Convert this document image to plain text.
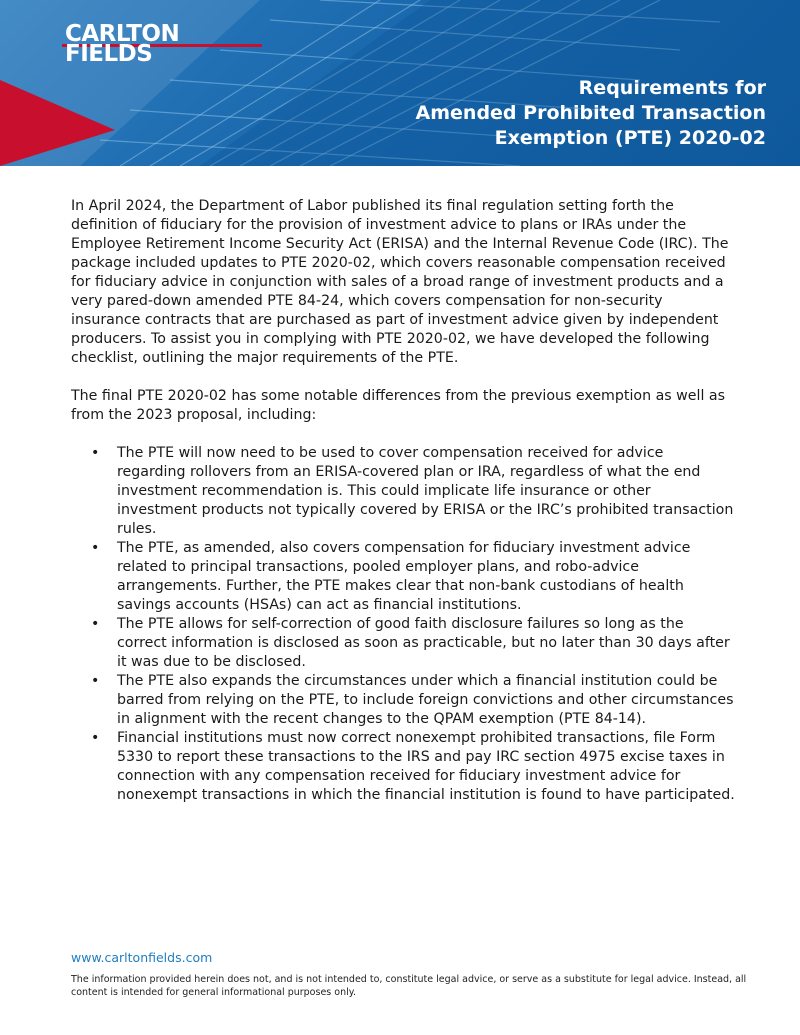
CARLTON
FIELDS
Requirements for
Amended Prohibited Transaction
Exemption (PTE) 2020-02

In April 2024, the Department of Labor published its final regulation setting forth the definition of fiduciary for the provision of investment advice to plans or IRAs under the Employee Retirement Income Security Act (ERISA) and the Internal Revenue Code (IRC). The package included updates to PTE 2020-02, which covers reasonable compensation received for fiduciary advice in conjunction with sales of a broad range of investment products and a very pared-down amended PTE 84-24, which covers compensation for non-security insurance contracts that are purchased as part of investment advice given by independent producers. To assist you in complying with PTE 2020-02, we have developed the following checklist, outlining the major requirements of the PTE.

The final PTE 2020-02 has some notable differences from the previous exemption as well as from the 2023 proposal, including:

• The PTE will now need to be used to cover compensation received for advice regarding rollovers from an ERISA-covered plan or IRA, regardless of what the end investment recommendation is. This could implicate life insurance or other investment products not typically covered by ERISA or the IRC’s prohibited transaction rules.
• The PTE, as amended, also covers compensation for fiduciary investment advice related to principal transactions, pooled employer plans, and robo-advice arrangements. Further, the PTE makes clear that non-bank custodians of health savings accounts (HSAs) can act as financial institutions.
• The PTE allows for self-correction of good faith disclosure failures so long as the correct information is disclosed as soon as practicable, but no later than 30 days after it was due to be disclosed.
• The PTE also expands the circumstances under which a financial institution could be barred from relying on the PTE, to include foreign convictions and other circumstances in alignment with the recent changes to the QPAM exemption (PTE 84-14).
• Financial institutions must now correct nonexempt prohibited transactions, file Form 5330 to report these transactions to the IRS and pay IRC section 4975 excise taxes in connection with any compensation received for fiduciary investment advice for nonexempt transactions in which the financial institution is found to have participated.
www.carltonfields.com
The information provided herein does not, and is not intended to, constitute legal advice, or serve as a substitute for legal advice. Instead, all content is intended for general informational purposes only.
